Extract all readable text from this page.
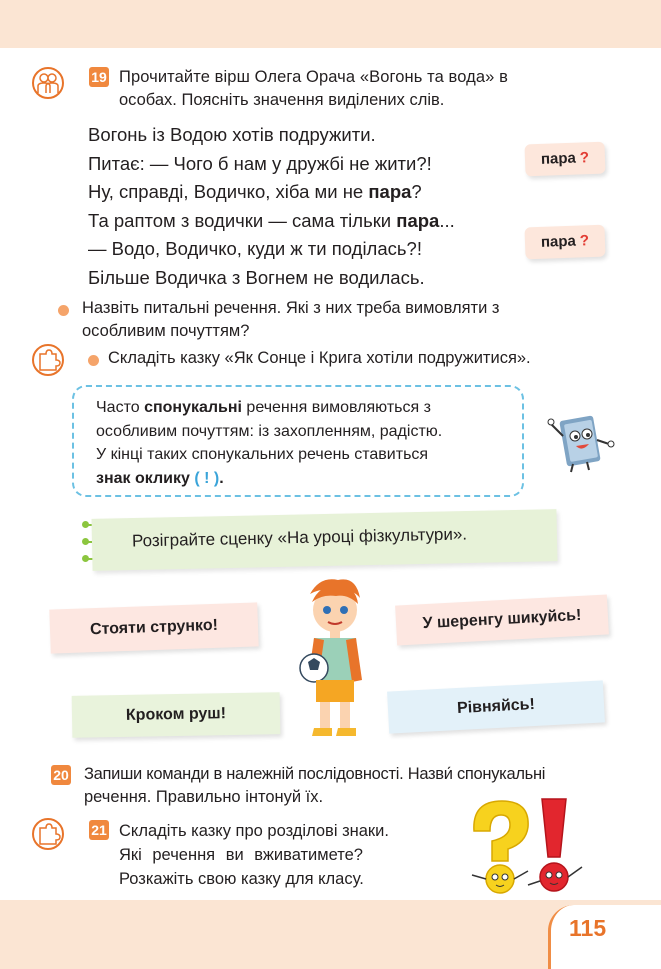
19 Прочитайте вірш Олега Орача «Вогонь та вода» в
особах. Поясніть значення виділених слів.
Вогонь із Водою хотів подружити.
Питає: — Чого б нам у дружбі не жити?!
Ну, справді, Водичко, хіба ми не пара?
Та раптом з водички — сама тільки пара...
— Водо, Водичко, куди ж ти поділась?!
Більше Водичка з Вогнем не водилась.
пара ?
пара ?
Назвіть питальні речення. Які з них треба вимовляти з
особливим почуттям?
Складіть казку «Як Сонце і Крига хотіли подружитися».
Часто спонукальні речення вимовляються з
особливим почуттям: із захопленням, радістю.
У кінці таких спонукальних речень ставиться
знак оклику ( ! ).
Розіграйте сценку «На уроці фізкультури».
Стояти струнко!	У шеренгу шикуйсь!
Кроком руш!	Рівняйсь!
20 Запиши команди в належній послідовності. Назви́ спонукальні
речення. Правильно інтонуй їх.
21 Складіть казку про розділові знаки.
Які речення ви вживатимете?
Розкажіть свою казку для класу.
115
